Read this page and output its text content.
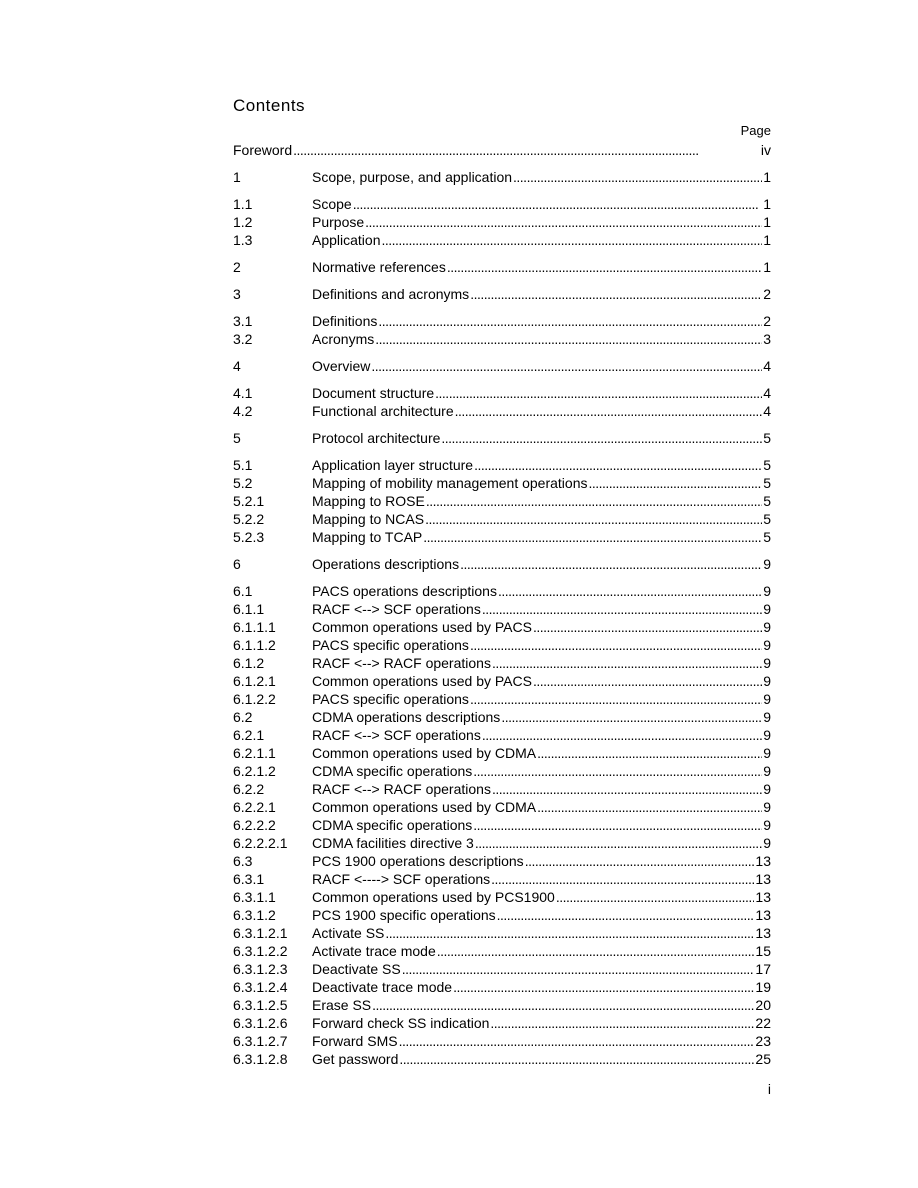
Contents
Page
Foreword . . .	iv
1	Scope, purpose, and application . . .	1
1.1	Scope . . .	1
1.2	Purpose . . .	1
1.3	Application . . .	1
2	Normative references . . .	1
3	Definitions and acronyms . . .	2
3.1	Definitions . . .	2
3.2	Acronyms . . .	3
4	Overview . . .	4
4.1	Document structure . . .	4
4.2	Functional architecture . . .	4
5	Protocol architecture . . .	5
5.1	Application layer structure . . .	5
5.2	Mapping of mobility management operations . . .	5
5.2.1	Mapping to ROSE . . .	5
5.2.2	Mapping to NCAS . . .	5
5.2.3	Mapping to TCAP . . .	5
6	Operations descriptions . . .	9
6.1	PACS operations descriptions . . .	9
6.1.1	RACF <--> SCF operations . . .	9
6.1.1.1	Common operations used by PACS . . .	9
6.1.1.2	PACS specific operations . . .	9
6.1.2	RACF <--> RACF operations . . .	9
6.1.2.1	Common operations used by PACS . . .	9
6.1.2.2	PACS specific operations . . .	9
6.2	CDMA operations descriptions . . .	9
6.2.1	RACF <--> SCF operations . . .	9
6.2.1.1	Common operations used by CDMA . . .	9
6.2.1.2	CDMA specific operations . . .	9
6.2.2	RACF <--> RACF operations . . .	9
6.2.2.1	Common operations used by CDMA . . .	9
6.2.2.2	CDMA specific operations . . .	9
6.2.2.2.1	CDMA facilities directive 3 . . .	9
6.3	PCS 1900 operations descriptions . . .	13
6.3.1	RACF <----> SCF operations . . .	13
6.3.1.1	Common operations used by PCS1900 . . .	13
6.3.1.2	PCS 1900 specific operations . . .	13
6.3.1.2.1	Activate SS . . .	13
6.3.1.2.2	Activate trace mode . . .	15
6.3.1.2.3	Deactivate SS . . .	17
6.3.1.2.4	Deactivate trace mode . . .	19
6.3.1.2.5	Erase SS . . .	20
6.3.1.2.6	Forward check SS indication . . .	22
6.3.1.2.7	Forward SMS . . .	23
6.3.1.2.8	Get password . . .	25
i
